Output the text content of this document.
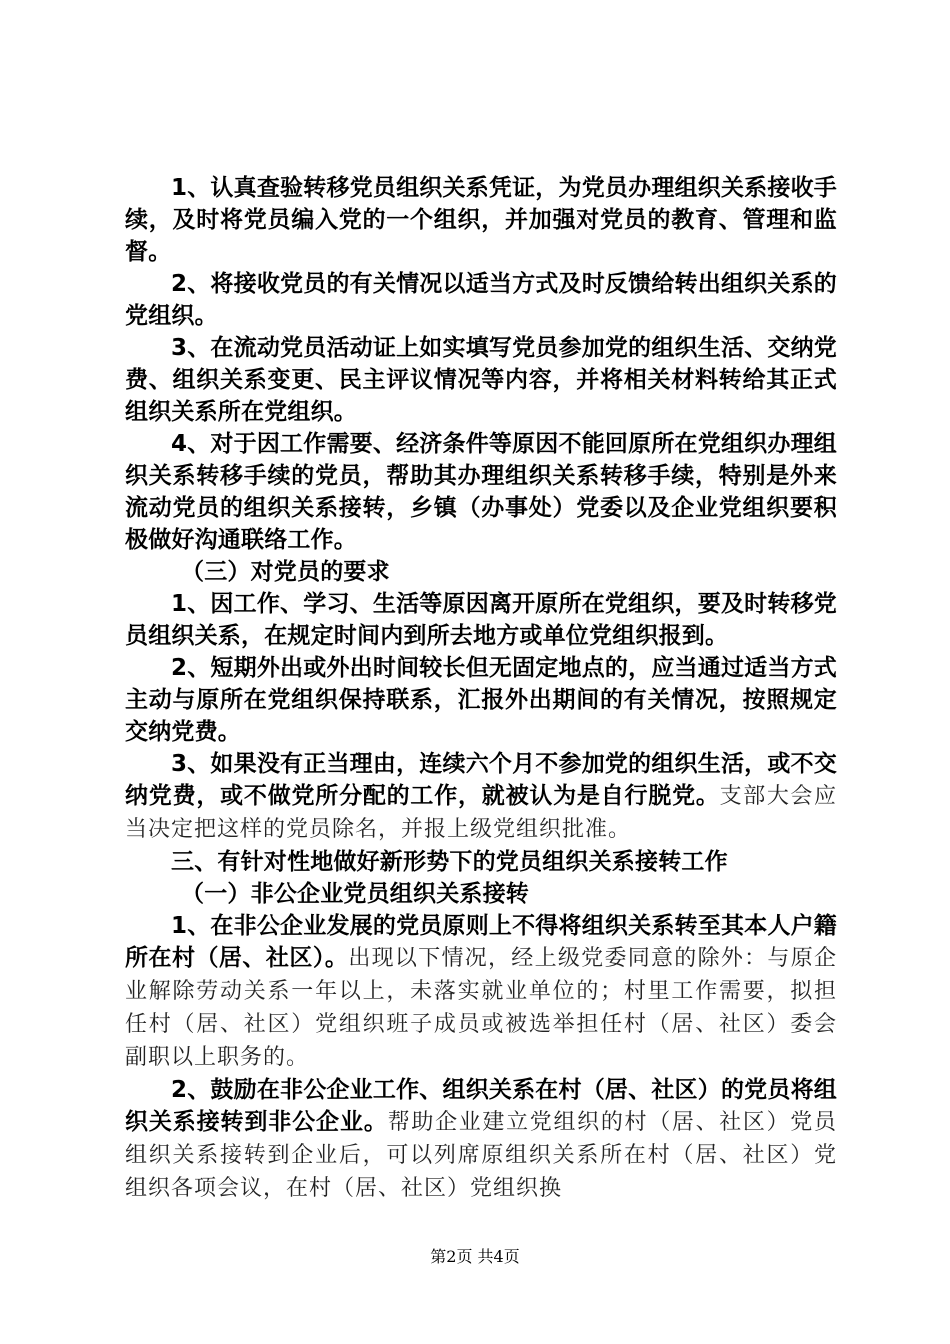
1、认真查验转移党员组织关系凭证，为党员办理组织关系接收手续，及时将党员编入党的一个组织，并加强对党员的教育、管理和监督。

2、将接收党员的有关情况以适当方式及时反馈给转出组织关系的党组织。

3、在流动党员活动证上如实填写党员参加党的组织生活、交纳党费、组织关系变更、民主评议情况等内容，并将相关材料转给其正式组织关系所在党组织。

4、对于因工作需要、经济条件等原因不能回原所在党组织办理组织关系转移手续的党员，帮助其办理组织关系转移手续，特别是外来流动党员的组织关系接转，乡镇（办事处）党委以及企业党组织要积极做好沟通联络工作。

（三）对党员的要求

1、因工作、学习、生活等原因离开原所在党组织，要及时转移党员组织关系，在规定时间内到所去地方或单位党组织报到。

2、短期外出或外出时间较长但无固定地点的，应当通过适当方式主动与原所在党组织保持联系，汇报外出期间的有关情况，按照规定交纳党费。

3、如果没有正当理由，连续六个月不参加党的组织生活，或不交纳党费，或不做党所分配的工作，就被认为是自行脱党。支部大会应当决定把这样的党员除名，并报上级党组织批准。

三、有针对性地做好新形势下的党员组织关系接转工作

（一）非公企业党员组织关系接转

1、在非公企业发展的党员原则上不得将组织关系转至其本人户籍所在村（居、社区）。出现以下情况，经上级党委同意的除外：与原企业解除劳动关系一年以上，未落实就业单位的；村里工作需要，拟担任村（居、社区）党组织班子成员或被选举担任村（居、社区）委会副职以上职务的。

2、鼓励在非公企业工作、组织关系在村（居、社区）的党员将组织关系接转到非公企业。帮助企业建立党组织的村（居、社区）党员组织关系接转到企业后，可以列席原组织关系所在村（居、社区）党组织各项会议，在村（居、社区）党组织换

第2页 共4页
